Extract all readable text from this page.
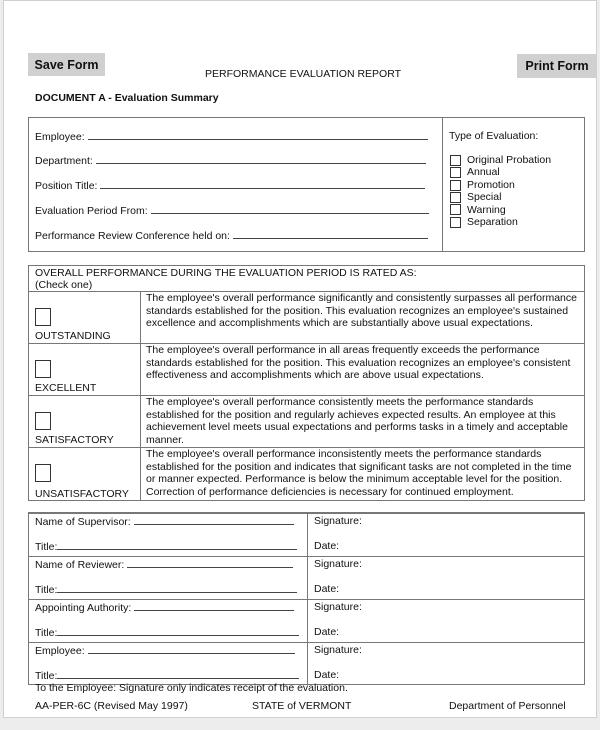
Save Form	Print Form
PERFORMANCE EVALUATION REPORT
DOCUMENT A - Evaluation Summary
Employee:
Department:
Position Title:
Evaluation Period From:
Performance Review Conference held on:
Type of Evaluation:
Original Probation
Annual
Promotion
Special
Warning
Separation
OVERALL PERFORMANCE DURING THE EVALUATION PERIOD IS RATED AS:
(Check one)
OUTSTANDING
The employee's overall performance significantly and consistently surpasses all performance standards established for the position. This evaluation recognizes an employee's sustained excellence and accomplishments which are substantially above usual expectations.
EXCELLENT
The employee's overall performance in all areas frequently exceeds the performance standards established for the position. This evaluation recognizes an employee's consistent effectiveness and accomplishments which are above usual expectations.
SATISFACTORY
The employee's overall performance consistently meets the performance standards established for the position and regularly achieves expected results. An employee at this achievement level meets usual expectations and performs tasks in a timely and acceptable manner.
UNSATISFACTORY
The employee's overall performance inconsistently meets the performance standards established for the position and indicates that significant tasks are not completed in the time or manner expected. Performance is below the minimum acceptable level for the position. Correction of performance deficiencies is necessary for continued employment.
Name of Supervisor:
Title:
Signature:
Date:
Name of Reviewer:
Title:
Signature:
Date:
Appointing Authority:
Title:
Signature:
Date:
Employee:
Title:
Signature:
Date:
To the Employee: Signature only indicates receipt of the evaluation.
AA-PER-6C (Revised May 1997)	STATE of VERMONT	Department of Personnel
